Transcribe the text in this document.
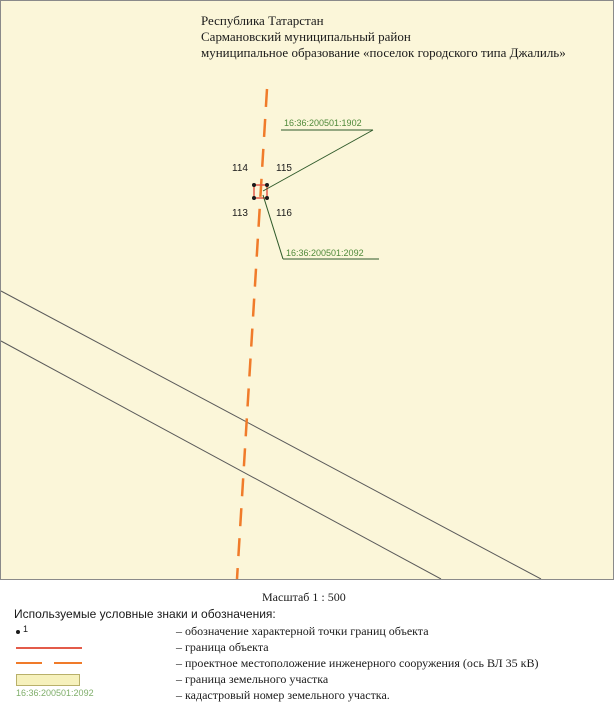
Республика Татарстан
Сармановский муниципальный район
муниципальное образование «поселок городского типа Джалиль»
114	115
113	116
16:36:200501:1902
16:36:200501:2092
Масштаб 1 : 500
Используемые условные знаки и обозначения:
1	– обозначение характерной точки границ объекта
– граница объекта
– проектное местоположение инженерного сооружения (ось ВЛ 35 кВ)
– граница земельного участка
16:36:200501:2092	– кадастровый номер земельного участка.
